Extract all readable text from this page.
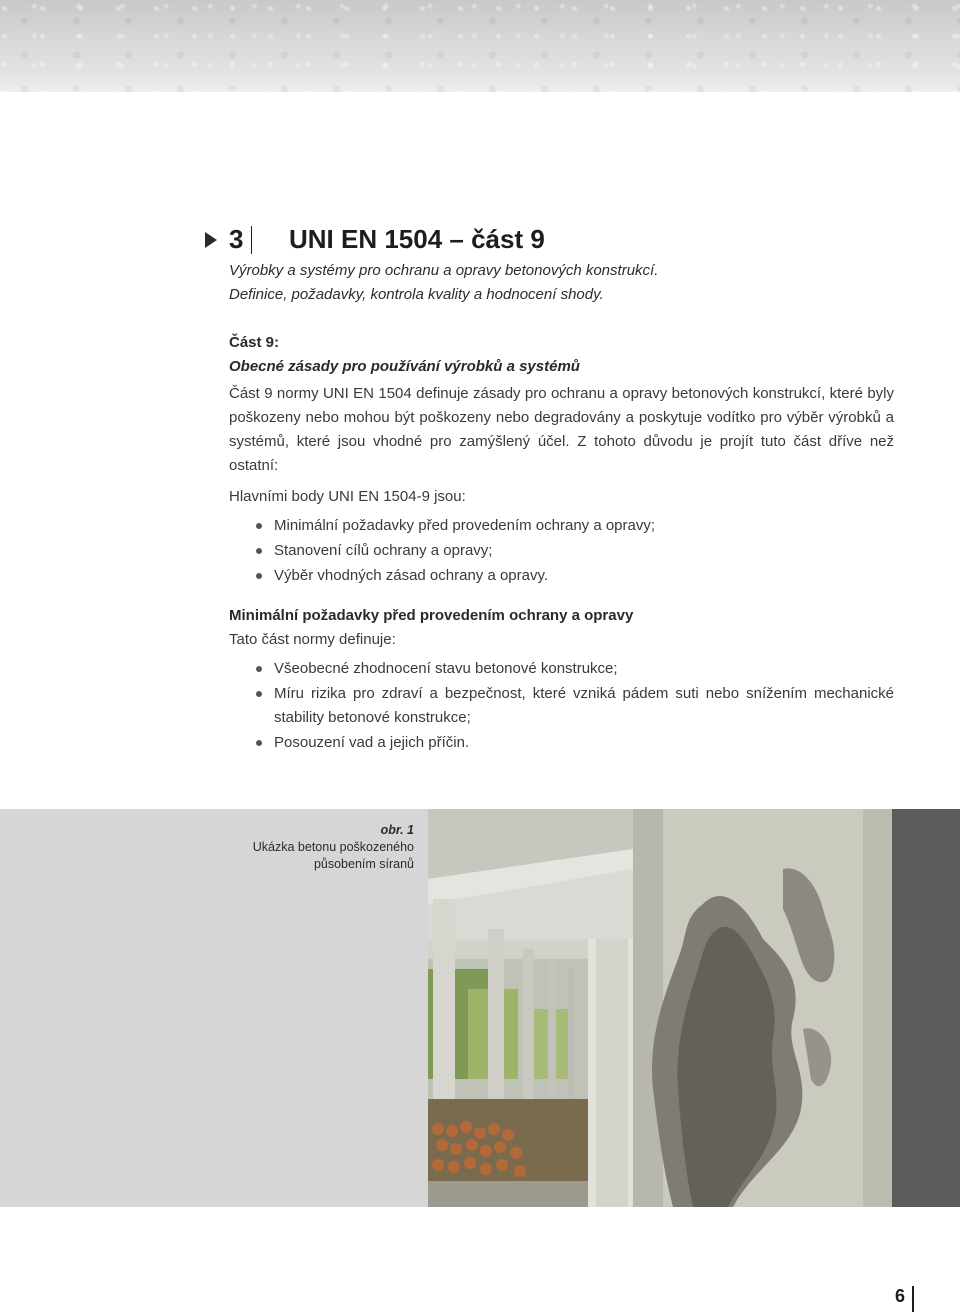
3 UNI EN 1504 – část 9
Výrobky a systémy pro ochranu a opravy betonových konstrukcí.
Definice, požadavky, kontrola kvality a hodnocení shody.
Část 9:
Obecné zásady pro používání výrobků a systémů
Část 9 normy UNI EN 1504 definuje zásady pro ochranu a opravy betonových konstrukcí, které byly poškozeny nebo mohou být poškozeny nebo degradovány a poskytuje vodítko pro výběr výrobků a systémů, které jsou vhodné pro zamýšlený účel. Z tohoto důvodu je projít tuto část dříve než ostatní:
Hlavními body UNI EN 1504-9 jsou:
Minimální požadavky před provedením ochrany a opravy;
Stanovení cílů ochrany a opravy;
Výběr vhodných zásad ochrany a opravy.
Minimální požadavky před provedením ochrany a opravy
Tato část normy definuje:
Všeobecné zhodnocení stavu betonové konstrukce;
Míru rizika pro zdraví a bezpečnost, které vzniká pádem suti nebo snížením mechanické stability betonové konstrukce;
Posouzení vad a jejich příčin.
obr. 1
Ukázka betonu poškozeného působením síranů
6
